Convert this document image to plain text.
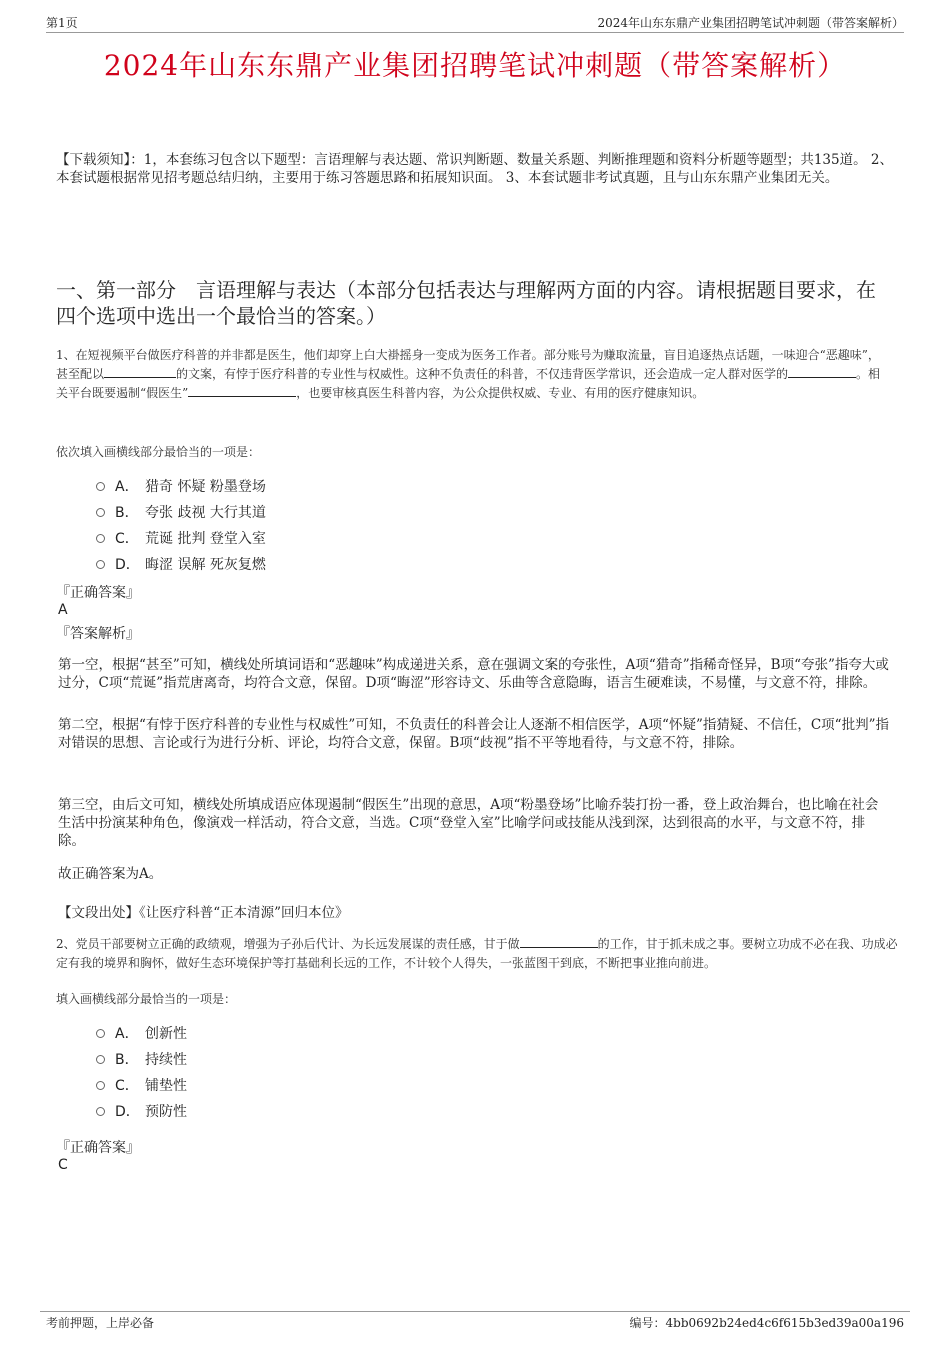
第1页	2024年山东东鼎产业集团招聘笔试冲刺题（带答案解析）
2024年山东东鼎产业集团招聘笔试冲刺题（带答案解析）
【下载须知】：1，本套练习包含以下题型：言语理解与表达题、常识判断题、数量关系题、判断推理题和资料分析题等题型；共135道。 2、本套试题根据常见招考题总结归纳，主要用于练习答题思路和拓展知识面。 3、本套试题非考试真题，且与山东东鼎产业集团无关。
一、第一部分　言语理解与表达（本部分包括表达与理解两方面的内容。请根据题目要求，在四个选项中选出一个最恰当的答案。）
1、在短视频平台做医疗科普的并非都是医生，他们却穿上白大褂摇身一变成为医务工作者。部分账号为赚取流量，盲目追逐热点话题，一味迎合“恶趣味”，甚至配以	的文案，有悖于医疗科普的专业性与权威性。这种不负责任的科普，不仅违背医学常识，还会造成一定人群对医学的	。相关平台既要遏制“假医生”	，也要审核真医生科普内容，为公众提供权威、专业、有用的医疗健康知识。
依次填入画横线部分最恰当的一项是：
A． 猎奇 怀疑 粉墨登场
B． 夸张 歧视 大行其道
C． 荒诞 批判 登堂入室
D． 晦涩 误解 死灰复燃
『正确答案』
A
『答案解析』
第一空，根据“甚至”可知，横线处所填词语和“恶趣味”构成递进关系，意在强调文案的夸张性，A项“猎奇”指稀奇怪异，B项“夸张”指夸大或过分，C项“荒诞”指荒唐离奇，均符合文意，保留。D项“晦涩”形容诗文、乐曲等含意隐晦，语言生硬难读，不易懂，与文意不符，排除。
第二空，根据“有悖于医疗科普的专业性与权威性”可知，不负责任的科普会让人逐渐不相信医学，A项“怀疑”指猜疑、不信任，C项“批判”指对错误的思想、言论或行为进行分析、评论，均符合文意，保留。B项“歧视”指不平等地看待，与文意不符，排除。
第三空，由后文可知，横线处所填成语应体现遏制“假医生”出现的意思，A项“粉墨登场”比喻乔装打扮一番，登上政治舞台，也比喻在社会生活中扮演某种角色，像演戏一样活动，符合文意，当选。C项“登堂入室”比喻学问或技能从浅到深，达到很高的水平，与文意不符，排除。
故正确答案为A。
【文段出处】《让医疗科普“正本清源”回归本位》
2、党员干部要树立正确的政绩观，增强为子孙后代计、为长远发展谋的责任感，甘于做	的工作，甘于抓未成之事。要树立功成不必在我、功成必定有我的境界和胸怀，做好生态环境保护等打基础利长远的工作，不计较个人得失，一张蓝图干到底，不断把事业推向前进。
填入画横线部分最恰当的一项是：
A． 创新性
B． 持续性
C． 铺垫性
D． 预防性
『正确答案』
C
考前押题，上岸必备	编号：4bb0692b24ed4c6f615b3ed39a00a196
